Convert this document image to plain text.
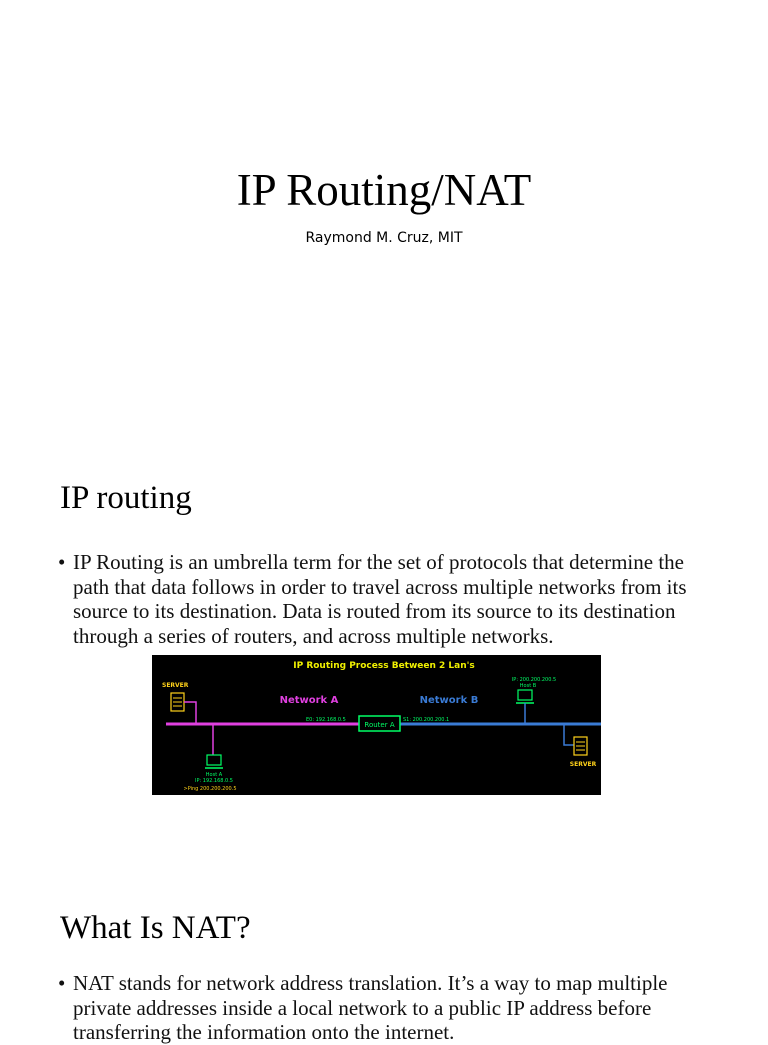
IP Routing/NAT
Raymond M. Cruz, MIT
IP routing

• IP Routing is an umbrella term for the set of protocols that determine the path that data follows in order to travel across multiple networks from its source to its destination. Data is routed from its source to its destination through a series of routers, and across multiple networks.

IP Routing Process Between 2 Lan's
Network A	Network B
E0: 192.168.0.5	S1: 200.200.200.1
Router A
SERVER
Host A
IP: 192.168.0.5
>Ping 200.200.200.5
IP: 200.200.200.5
Host B
SERVER
What Is NAT?

• NAT stands for network address translation. It’s a way to map multiple private addresses inside a local network to a public IP address before transferring the information onto the internet.
